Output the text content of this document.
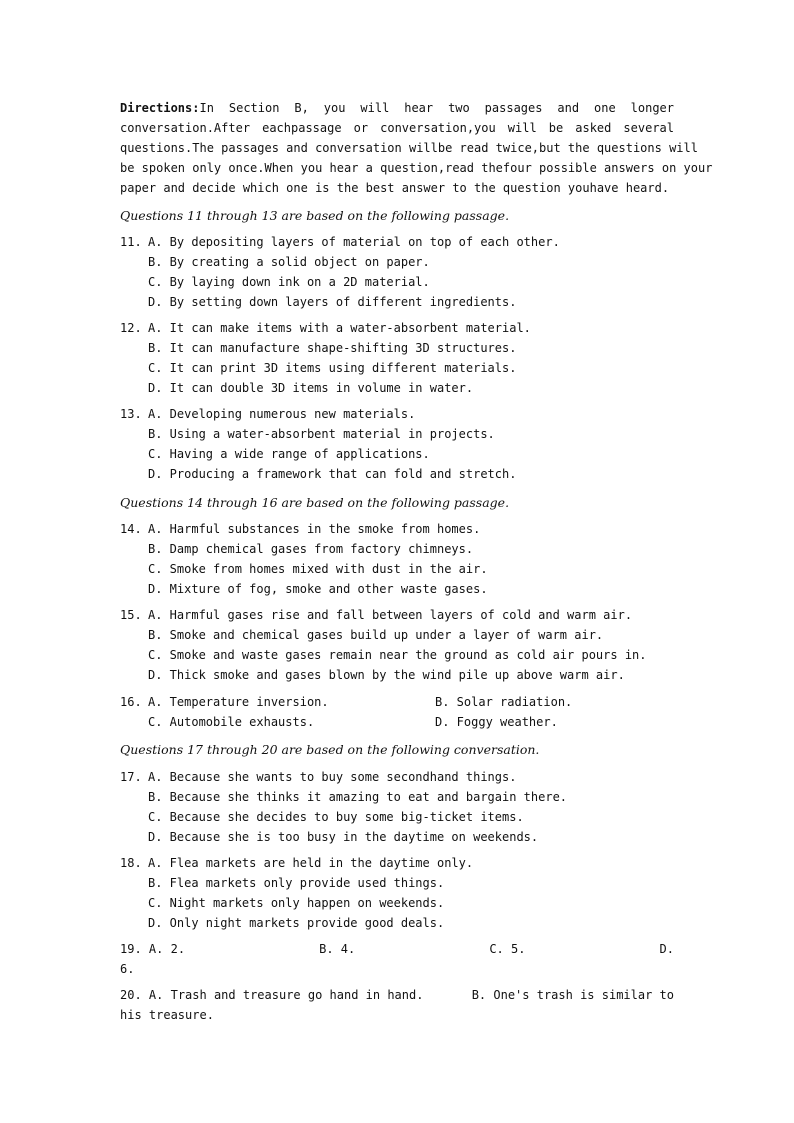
Directions:In Section B, you will hear two passages and one longer
conversation.After eachpassage or conversation,you will be asked several
questions.The passages and conversation willbe read twice,but the questions will
be spoken only once.When you hear a question,read thefour possible answers on your
paper and decide which one is the best answer to the question youhave heard.
Questions 11 through 13 are based on the following passage.
11. A. By depositing layers of material on top of each other.
B. By creating a solid object on paper.
C. By laying down ink on a 2D material.
D. By setting down layers of different ingredients.
12. A. It can make items with a water-absorbent material.
B. It can manufacture shape-shifting 3D structures.
C. It can print 3D items using different materials.
D. It can double 3D items in volume in water.
13. A. Developing numerous new materials.
B. Using a water-absorbent material in projects.
C. Having a wide range of applications.
D. Producing a framework that can fold and stretch.
Questions 14 through 16 are based on the following passage.
14. A. Harmful substances in the smoke from homes.
B. Damp chemical gases from factory chimneys.
C. Smoke from homes mixed with dust in the air.
D. Mixture of fog, smoke and other waste gases.
15. A. Harmful gases rise and fall between layers of cold and warm air.
B. Smoke and chemical gases build up under a layer of warm air.
C. Smoke and waste gases remain near the ground as cold air pours in.
D. Thick smoke and gases blown by the wind pile up above warm air.
16. A. Temperature inversion.	B. Solar radiation.
C. Automobile exhausts.	D. Foggy weather.
Questions 17 through 20 are based on the following conversation.
17. A. Because she wants to buy some secondhand things.
B. Because she thinks it amazing to eat and bargain there.
C. Because she decides to buy some big-ticket items.
D. Because she is too busy in the daytime on weekends.
18. A. Flea markets are held in the daytime only.
B. Flea markets only provide used things.
C. Night markets only happen on weekends.
D. Only night markets provide good deals.
19. A. 2.	B. 4.	C. 5.	D.
6.
20. A. Trash and treasure go hand in hand.	B. One's trash is similar to
his treasure.
